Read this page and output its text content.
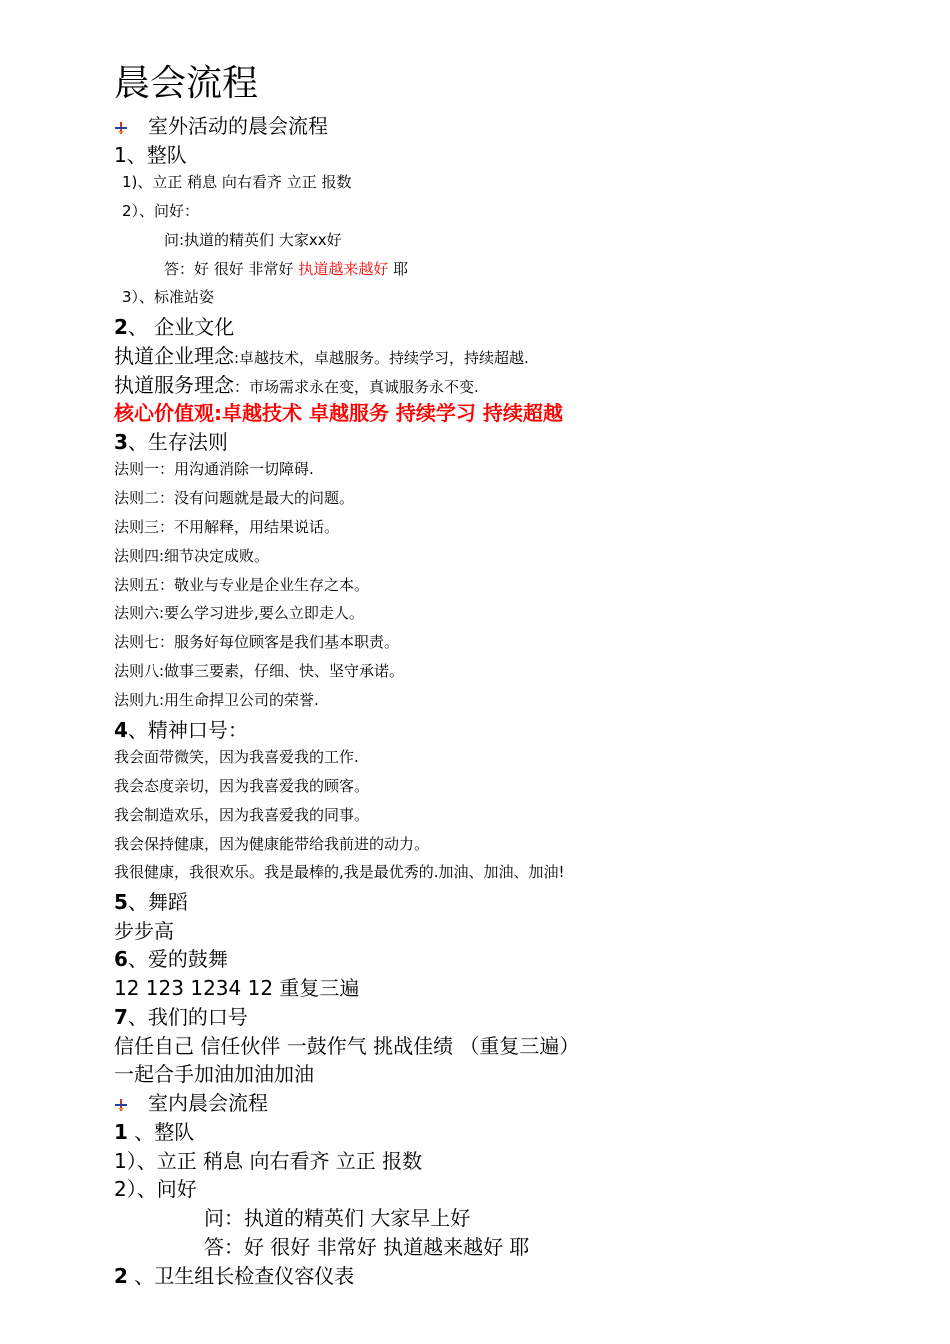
晨会流程
室外活动的晨会流程
1、整队
1)、立正 稍息 向右看齐 立正 报数
2）、问好：
问:执道的精英们 大家xx好
答：好 很好 非常好 执道越来越好 耶
3）、标准站姿
2、 企业文化
执道企业理念:卓越技术，卓越服务。持续学习，持续超越.
执道服务理念：市场需求永在变，真诚服务永不变.
核心价值观:卓越技术 卓越服务 持续学习 持续超越
3、生存法则
法则一：用沟通消除一切障碍.
法则二：没有问题就是最大的问题。
法则三：不用解释，用结果说话。
法则四:细节决定成败。
法则五：敬业与专业是企业生存之本。
法则六:要么学习进步,要么立即走人。
法则七：服务好每位顾客是我们基本职责。
法则八:做事三要素，仔细、快、坚守承诺。
法则九:用生命捍卫公司的荣誉.
4、精神口号：
我会面带微笑，因为我喜爱我的工作.
我会态度亲切，因为我喜爱我的顾客。
我会制造欢乐，因为我喜爱我的同事。
我会保持健康，因为健康能带给我前进的动力。
我很健康，我很欢乐。我是最棒的,我是最优秀的.加油、加油、加油!
5、舞蹈
步步高
6、爱的鼓舞
12 123 1234 12 重复三遍
7、我们的口号
信任自己 信任伙伴 一鼓作气 挑战佳绩 （重复三遍）
一起合手加油加油加油
室内晨会流程
1 、整队
1）、立正 稍息 向右看齐 立正 报数
2）、问好
问：执道的精英们 大家早上好
答：好 很好 非常好 执道越来越好 耶
2 、卫生组长检查仪容仪表
